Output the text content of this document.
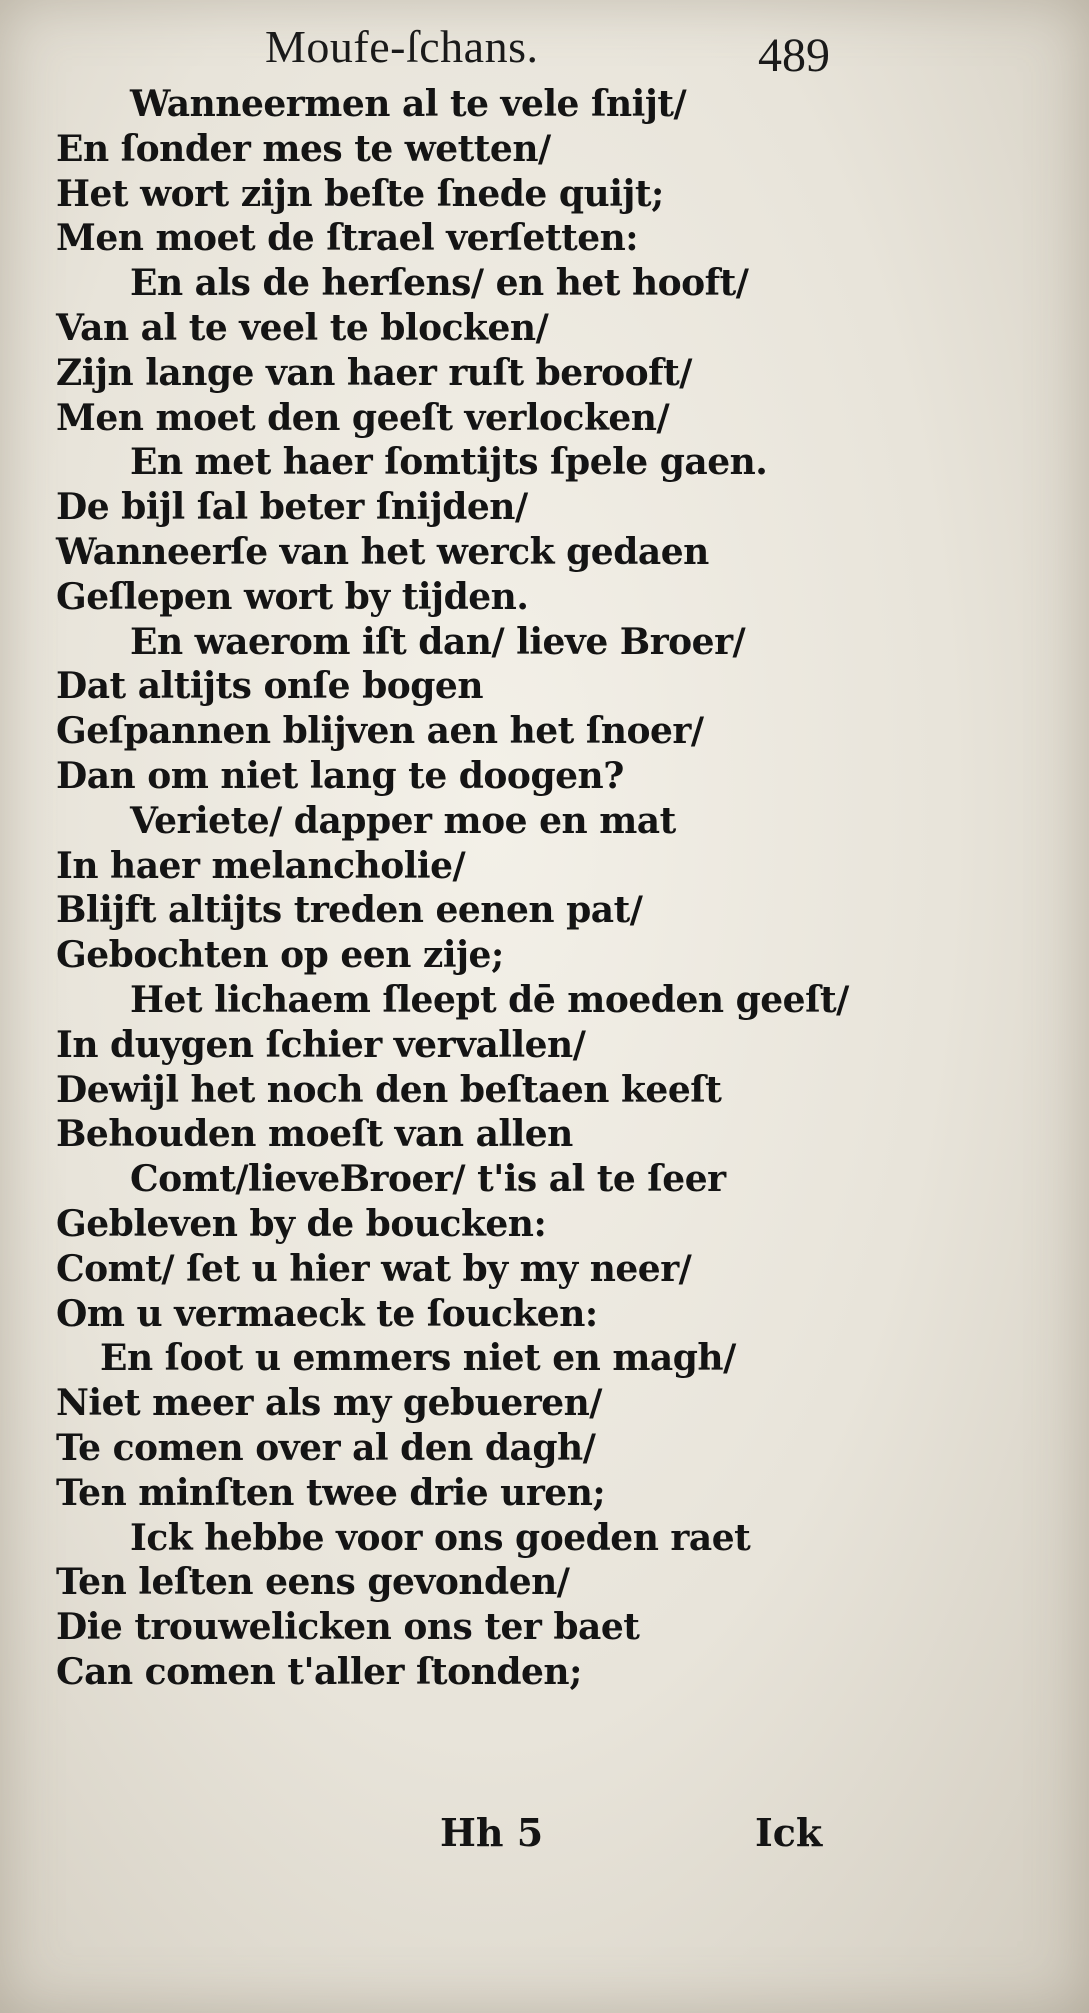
Moufe-ſchans.	489
Wanneermen al te vele ſnijt/
En ſonder mes te wetten/
Het wort zijn beſte ſnede quijt;
Men moet de ſtrael verſetten:
En als de herſens/ en het hooft/
Van al te veel te blocken/
Zijn lange van haer ruſt berooft/
Men moet den geeſt verlocken/
En met haer ſomtijts ſpele gaen.
De bijl ſal beter ſnijden/
Wanneerſe van het werck gedaen
Geſlepen wort by tijden.
En waerom iſt dan/ lieve Broer/
Dat altijts onſe bogen
Geſpannen blijven aen het ſnoer/
Dan om niet lang te doogen?
Veriete/ dapper moe en mat
In haer melancholie/
Blijft altijts treden eenen pat/
Gebochten op een zije;
Het lichaem ſleept dē moeden geeſt/
In duygen ſchier vervallen/
Dewijl het noch den beſtaen keeſt
Behouden moeſt van allen
Comt/lieveBroer/ t'is al te ſeer
Gebleven by de boucken:
Comt/ ſet u hier wat by my neer/
Om u vermaeck te ſoucken:
En ſoot u emmers niet en magh/
Niet meer als my gebueren/
Te comen over al den dagh/
Ten minſten twee drie uren;
Ick hebbe voor ons goeden raet
Ten leſten eens gevonden/
Die trouwelicken ons ter baet
Can comen t'aller ſtonden;
Hh 5	Ick
